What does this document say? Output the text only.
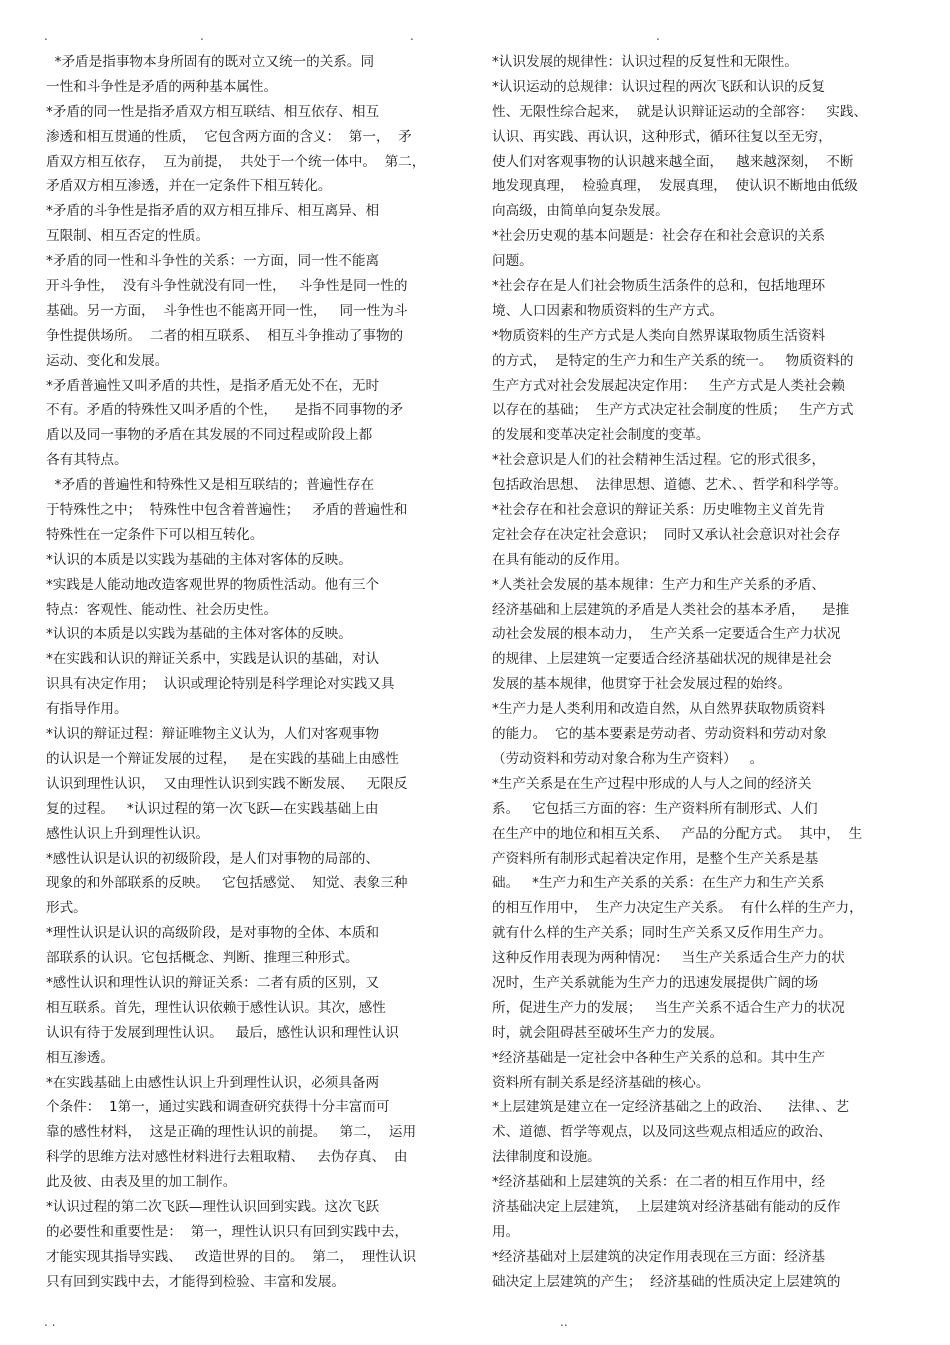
.	.	.	.
*矛盾是指事物本身所固有的既对立又统一的关系。同
一性和斗争性是矛盾的两种基本属性。
*矛盾的同一性是指矛盾双方相互联结、相互依存、相互
渗透和相互贯通的性质，  它包含两方面的含义：  第一，  矛
盾双方相互依存，  互为前提，  共处于一个统一体中。  第二，
矛盾双方相互渗透，并在一定条件下相互转化。
*矛盾的斗争性是指矛盾的双方相互排斥、相互离异、相
互限制、相互否定的性质。
*矛盾的同一性和斗争性的关系：一方面，同一性不能离
开斗争性，  没有斗争性就没有同一性，   斗争性是同一性的
基础。另一方面，  斗争性也不能离开同一性，   同一性为斗
争性提供场所。  二者的相互联系、  相互斗争推动了事物的
运动、变化和发展。
*矛盾普遍性又叫矛盾的共性，是指矛盾无处不在，无时
不有。矛盾的特殊性又叫矛盾的个性，    是指不同事物的矛
盾以及同一事物的矛盾在其发展的不同过程或阶段上都
各有其特点。
*矛盾的普遍性和特殊性又是相互联结的；普遍性存在
于特殊性之中；  特殊性中包含着普遍性；   矛盾的普遍性和
特殊性在一定条件下可以相互转化。
*认识的本质是以实践为基础的主体对客体的反映。
*实践是人能动地改造客观世界的物质性活动。他有三个
特点：客观性、能动性、社会历史性。
*认识的本质是以实践为基础的主体对客体的反映。
*在实践和认识的辩证关系中，实践是认识的基础，对认
识具有决定作用；  认识或理论特别是科学理论对实践又具
有指导作用。
*认识的辩证过程：辩证唯物主义认为，人们对客观事物
的认识是一个辩证发展的过程，   是在实践的基础上由感性
认识到理性认识，  又由理性认识到实践不断发展、   无限反
复的过程。   *认识过程的第一次飞跃—在实践基础上由
感性认识上升到理性认识。
*感性认识是认识的初级阶段，是人们对事物的局部的、
现象的和外部联系的反映。   它包括感觉、  知觉、表象三种
形式。
*理性认识是认识的高级阶段，是对事物的全体、本质和
部联系的认识。它包括概念、判断、推理三种形式。
*感性认识和理性认识的辩证关系：二者有质的区别，又
相互联系。首先，理性认识依赖于感性认识。其次，感性
认识有待于发展到理性认识。   最后，感性认识和理性认识
相互渗透。
*在实践基础上由感性认识上升到理性认识，必须具备两
个条件：  1第一，通过实践和调查研究获得十分丰富而可
靠的感性材料，  这是正确的理性认识的前提。   第二，  运用
科学的思维方法对感性材料进行去粗取精、   去伪存真、  由
此及彼、由表及里的加工制作。
*认识过程的第二次飞跃—理性认识回到实践。这次飞跃
的必要性和重要性是：  第一，理性认识只有回到实践中去，
才能实现其指导实践、   改造世界的目的。  第二，  理性认识
只有回到实践中去，才能得到检验、丰富和发展。
*认识发展的规律性：认识过程的反复性和无限性。
*认识运动的总规律：认识过程的两次飞跃和认识的反复
性、无限性综合起来，  就是认识辩证运动的全部容：   实践、
认识、再实践、再认识，这种形式，循环往复以至无穷，
使人们对客观事物的认识越来越全面，   越来越深刻，  不断
地发现真理，  检验真理，  发展真理，  使认识不断地由低级
向高级，由简单向复杂发展。
*社会历史观的基本问题是：社会存在和社会意识的关系
问题。
*社会存在是人们社会物质生活条件的总和，包括地理环
境、人口因素和物质资料的生产方式。
*物质资料的生产方式是人类向自然界谋取物质生活资料
的方式，  是特定的生产力和生产关系的统一。   物质资料的
生产方式对社会发展起决定作用：   生产方式是人类社会赖
以存在的基础；  生产方式决定社会制度的性质；   生产方式
的发展和变革决定社会制度的变革。
*社会意识是人们的社会精神生活过程。它的形式很多，
包括政治思想、  法律思想、道德、艺术、、哲学和科学等。
*社会存在和社会意识的辩证关系：历史唯物主义首先肯
定社会存在决定社会意识；  同时又承认社会意识对社会存
在具有能动的反作用。
*人类社会发展的基本规律：生产力和生产关系的矛盾、
经济基础和上层建筑的矛盾是人类社会的基本矛盾，    是推
动社会发展的根本动力，  生产关系一定要适合生产力状况
的规律、上层建筑一定要适合经济基础状况的规律是社会
发展的基本规律，他贯穿于社会发展过程的始终。
*生产力是人类利用和改造自然，从自然界获取物质资料
的能力。  它的基本要素是劳动者、劳动资料和劳动对象
（劳动资料和劳动对象合称为生产资料）   。
*生产关系是在生产过程中形成的人与人之间的经济关
系。   它包括三方面的容：生产资料所有制形式、人们
在生产中的地位和相互关系、   产品的分配方式。  其中，  生
产资料所有制形式起着决定作用，是整个生产关系是基
础。   *生产力和生产关系的关系：在生产力和生产关系
的相互作用中，  生产力决定生产关系。  有什么样的生产力，
就有什么样的生产关系；同时生产关系又反作用生产力。
这种反作用表现为两种情况：   当生产关系适合生产力的状
况时，生产关系就能为生产力的迅速发展提供广阔的场
所，促进生产力的发展；   当生产关系不适合生产力的状况
时，就会阻碍甚至破坏生产力的发展。
*经济基础是一定社会中各种生产关系的总和。其中生产
资料所有制关系是经济基础的核心。
*上层建筑是建立在一定经济基础之上的政治、    法律、、艺
术、道德、哲学等观点，以及同这些观点相适应的政治、
法律制度和设施。
*经济基础和上层建筑的关系：在二者的相互作用中，经
济基础决定上层建筑，  上层建筑对经济基础有能动的反作
用。
*经济基础对上层建筑的决定作用表现在三方面：经济基
础决定上层建筑的产生；  经济基础的性质决定上层建筑的
. .	..
